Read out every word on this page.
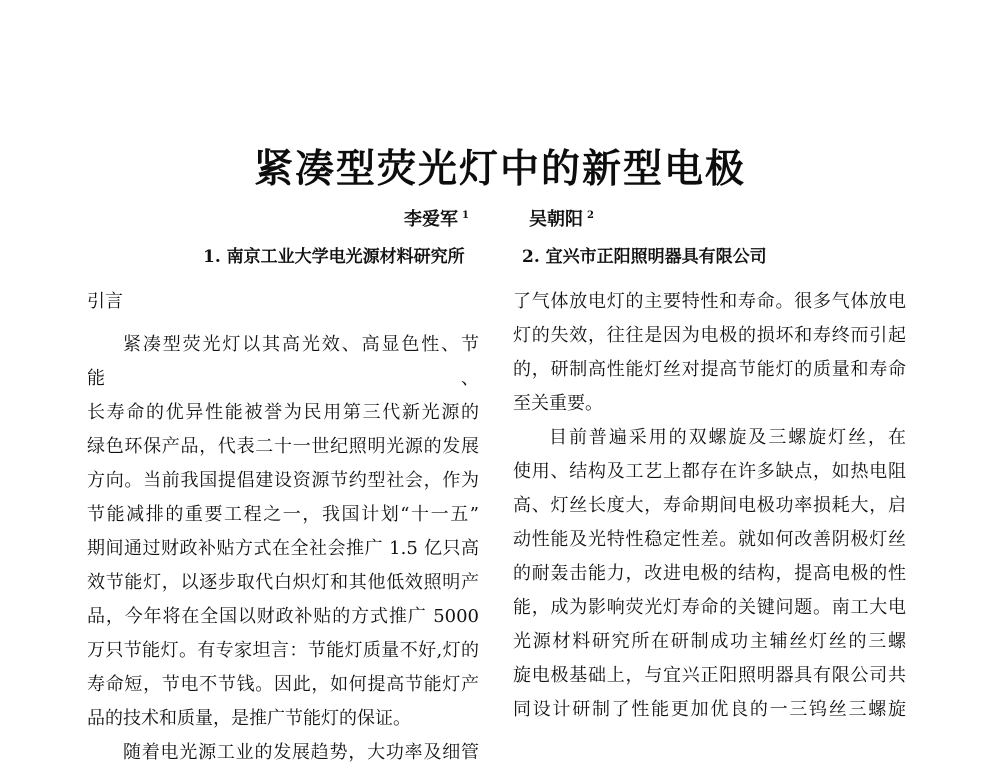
紧凑型荧光灯中的新型电极
李爱军 $^1$	吴朝阳 $^2$
1. 南京工业大学电光源材料研究所	2. 宜兴市正阳照明器具有限公司
引言

紧凑型荧光灯以其高光效、高显色性、节能、

长寿命的优异性能被誉为民用第三代新光源的

绿色环保产品，代表二十一世纪照明光源的发展

方向。当前我国提倡建设资源节约型社会，作为

节能减排的重要工程之一，我国计划“十一五”

期间通过财政补贴方式在全社会推广 1.5 亿只高

效节能灯，以逐步取代白炽灯和其他低效照明产

品，今年将在全国以财政补贴的方式推广 5000

万只节能灯。有专家坦言：节能灯质量不好,灯的

寿命短，节电不节钱。因此，如何提高节能灯产

品的技术和质量，是推广节能灯的保证。

随着电光源工业的发展趋势，大功率及细管

了气体放电灯的主要特性和寿命。很多气体放电

灯的失效，往往是因为电极的损坏和寿终而引起

的，研制高性能灯丝对提高节能灯的质量和寿命

至关重要。

目前普遍采用的双螺旋及三螺旋灯丝，在

使用、结构及工艺上都存在许多缺点，如热电阻

高、灯丝长度大，寿命期间电极功率损耗大，启

动性能及光特性稳定性差。就如何改善阴极灯丝

的耐轰击能力，改进电极的结构，提高电极的性

能，成为影响荧光灯寿命的关键问题。南工大电

光源材料研究所在研制成功主辅丝灯丝的三螺

旋电极基础上，与宜兴正阳照明器具有限公司共

同设计研制了性能更加优良的一三钨丝三螺旋
